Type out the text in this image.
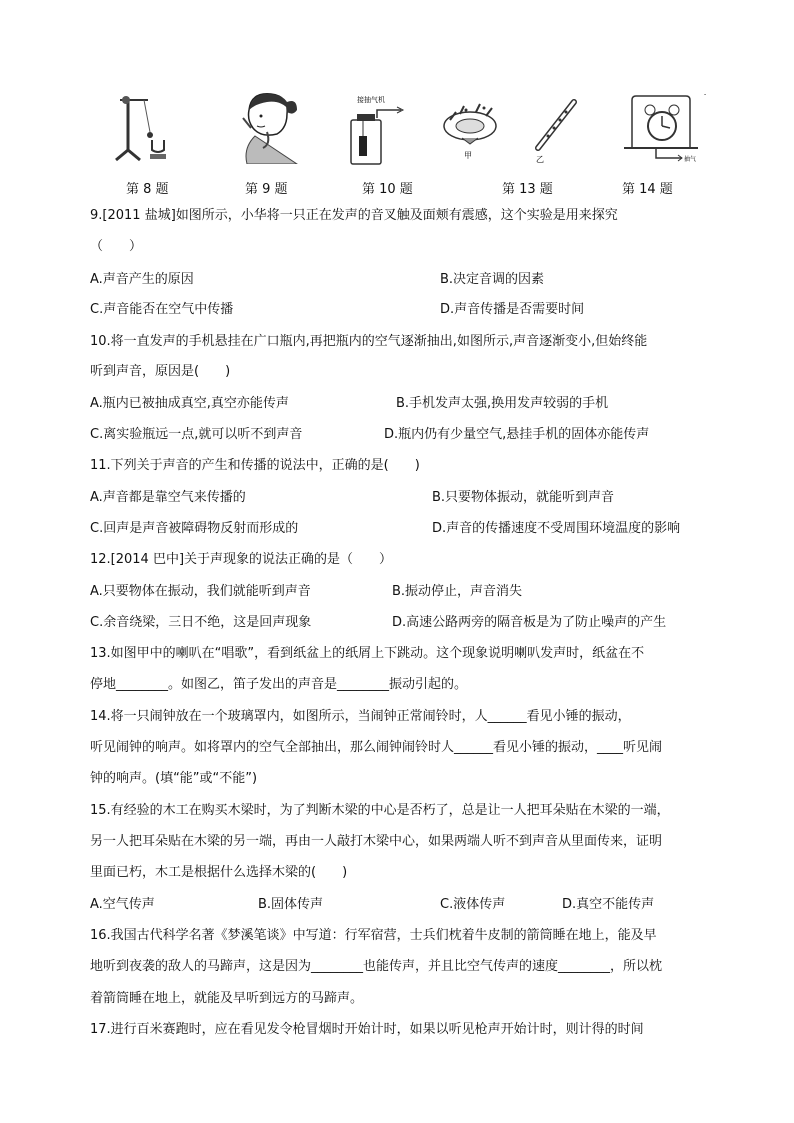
第 8 题	第 9 题
接抽气机
第 10 题
甲	乙
第 13 题
抽气
-
第 14 题
9.[2011 盐城]如图所示，小华将一只正在发声的音叉触及面颊有震感，这个实验是用来探究
（　　）
A.声音产生的原因	B.决定音调的因素
C.声音能否在空气中传播	D.声音传播是否需要时间
10.将一直发声的手机悬挂在广口瓶内,再把瓶内的空气逐渐抽出,如图所示,声音逐渐变小,但始终能
听到声音，原因是(　　)
A.瓶内已被抽成真空,真空亦能传声	B.手机发声太强,换用发声较弱的手机
C.离实验瓶远一点,就可以听不到声音	D.瓶内仍有少量空气,悬挂手机的固体亦能传声
11.下列关于声音的产生和传播的说法中，正确的是(　　)
A.声音都是靠空气来传播的	B.只要物体振动，就能听到声音
C.回声是声音被障碍物反射而形成的	D.声音的传播速度不受周围环境温度的影响
12.[2014 巴中]关于声现象的说法正确的是（　　）
A.只要物体在振动，我们就能听到声音	B.振动停止，声音消失
C.余音绕梁，三日不绝，这是回声现象	D.高速公路两旁的隔音板是为了防止噪声的产生
13.如图甲中的喇叭在“唱歌”，看到纸盆上的纸屑上下跳动。这个现象说明喇叭发声时，纸盆在不
停地________。如图乙，笛子发出的声音是________振动引起的。
14.将一只闹钟放在一个玻璃罩内，如图所示，当闹钟正常闹铃时，人______看见小锤的振动，
听见闹钟的响声。如将罩内的空气全部抽出，那么闹钟闹铃时人______看见小锤的振动，____听见闹
钟的响声。(填“能”或“不能”)
15.有经验的木工在购买木梁时，为了判断木梁的中心是否朽了，总是让一人把耳朵贴在木梁的一端，
另一人把耳朵贴在木梁的另一端，再由一人敲打木梁中心，如果两端人听不到声音从里面传来，证明
里面已朽，木工是根据什么选择木梁的(　　)
A.空气传声	B.固体传声	C.液体传声	D.真空不能传声
16.我国古代科学名著《梦溪笔谈》中写道：行军宿营，士兵们枕着牛皮制的箭筒睡在地上，能及早
地听到夜袭的敌人的马蹄声，这是因为________也能传声，并且比空气传声的速度________，所以枕
着箭筒睡在地上，就能及早听到远方的马蹄声。
17.进行百米赛跑时，应在看见发令枪冒烟时开始计时，如果以听见枪声开始计时，则计得的时间
